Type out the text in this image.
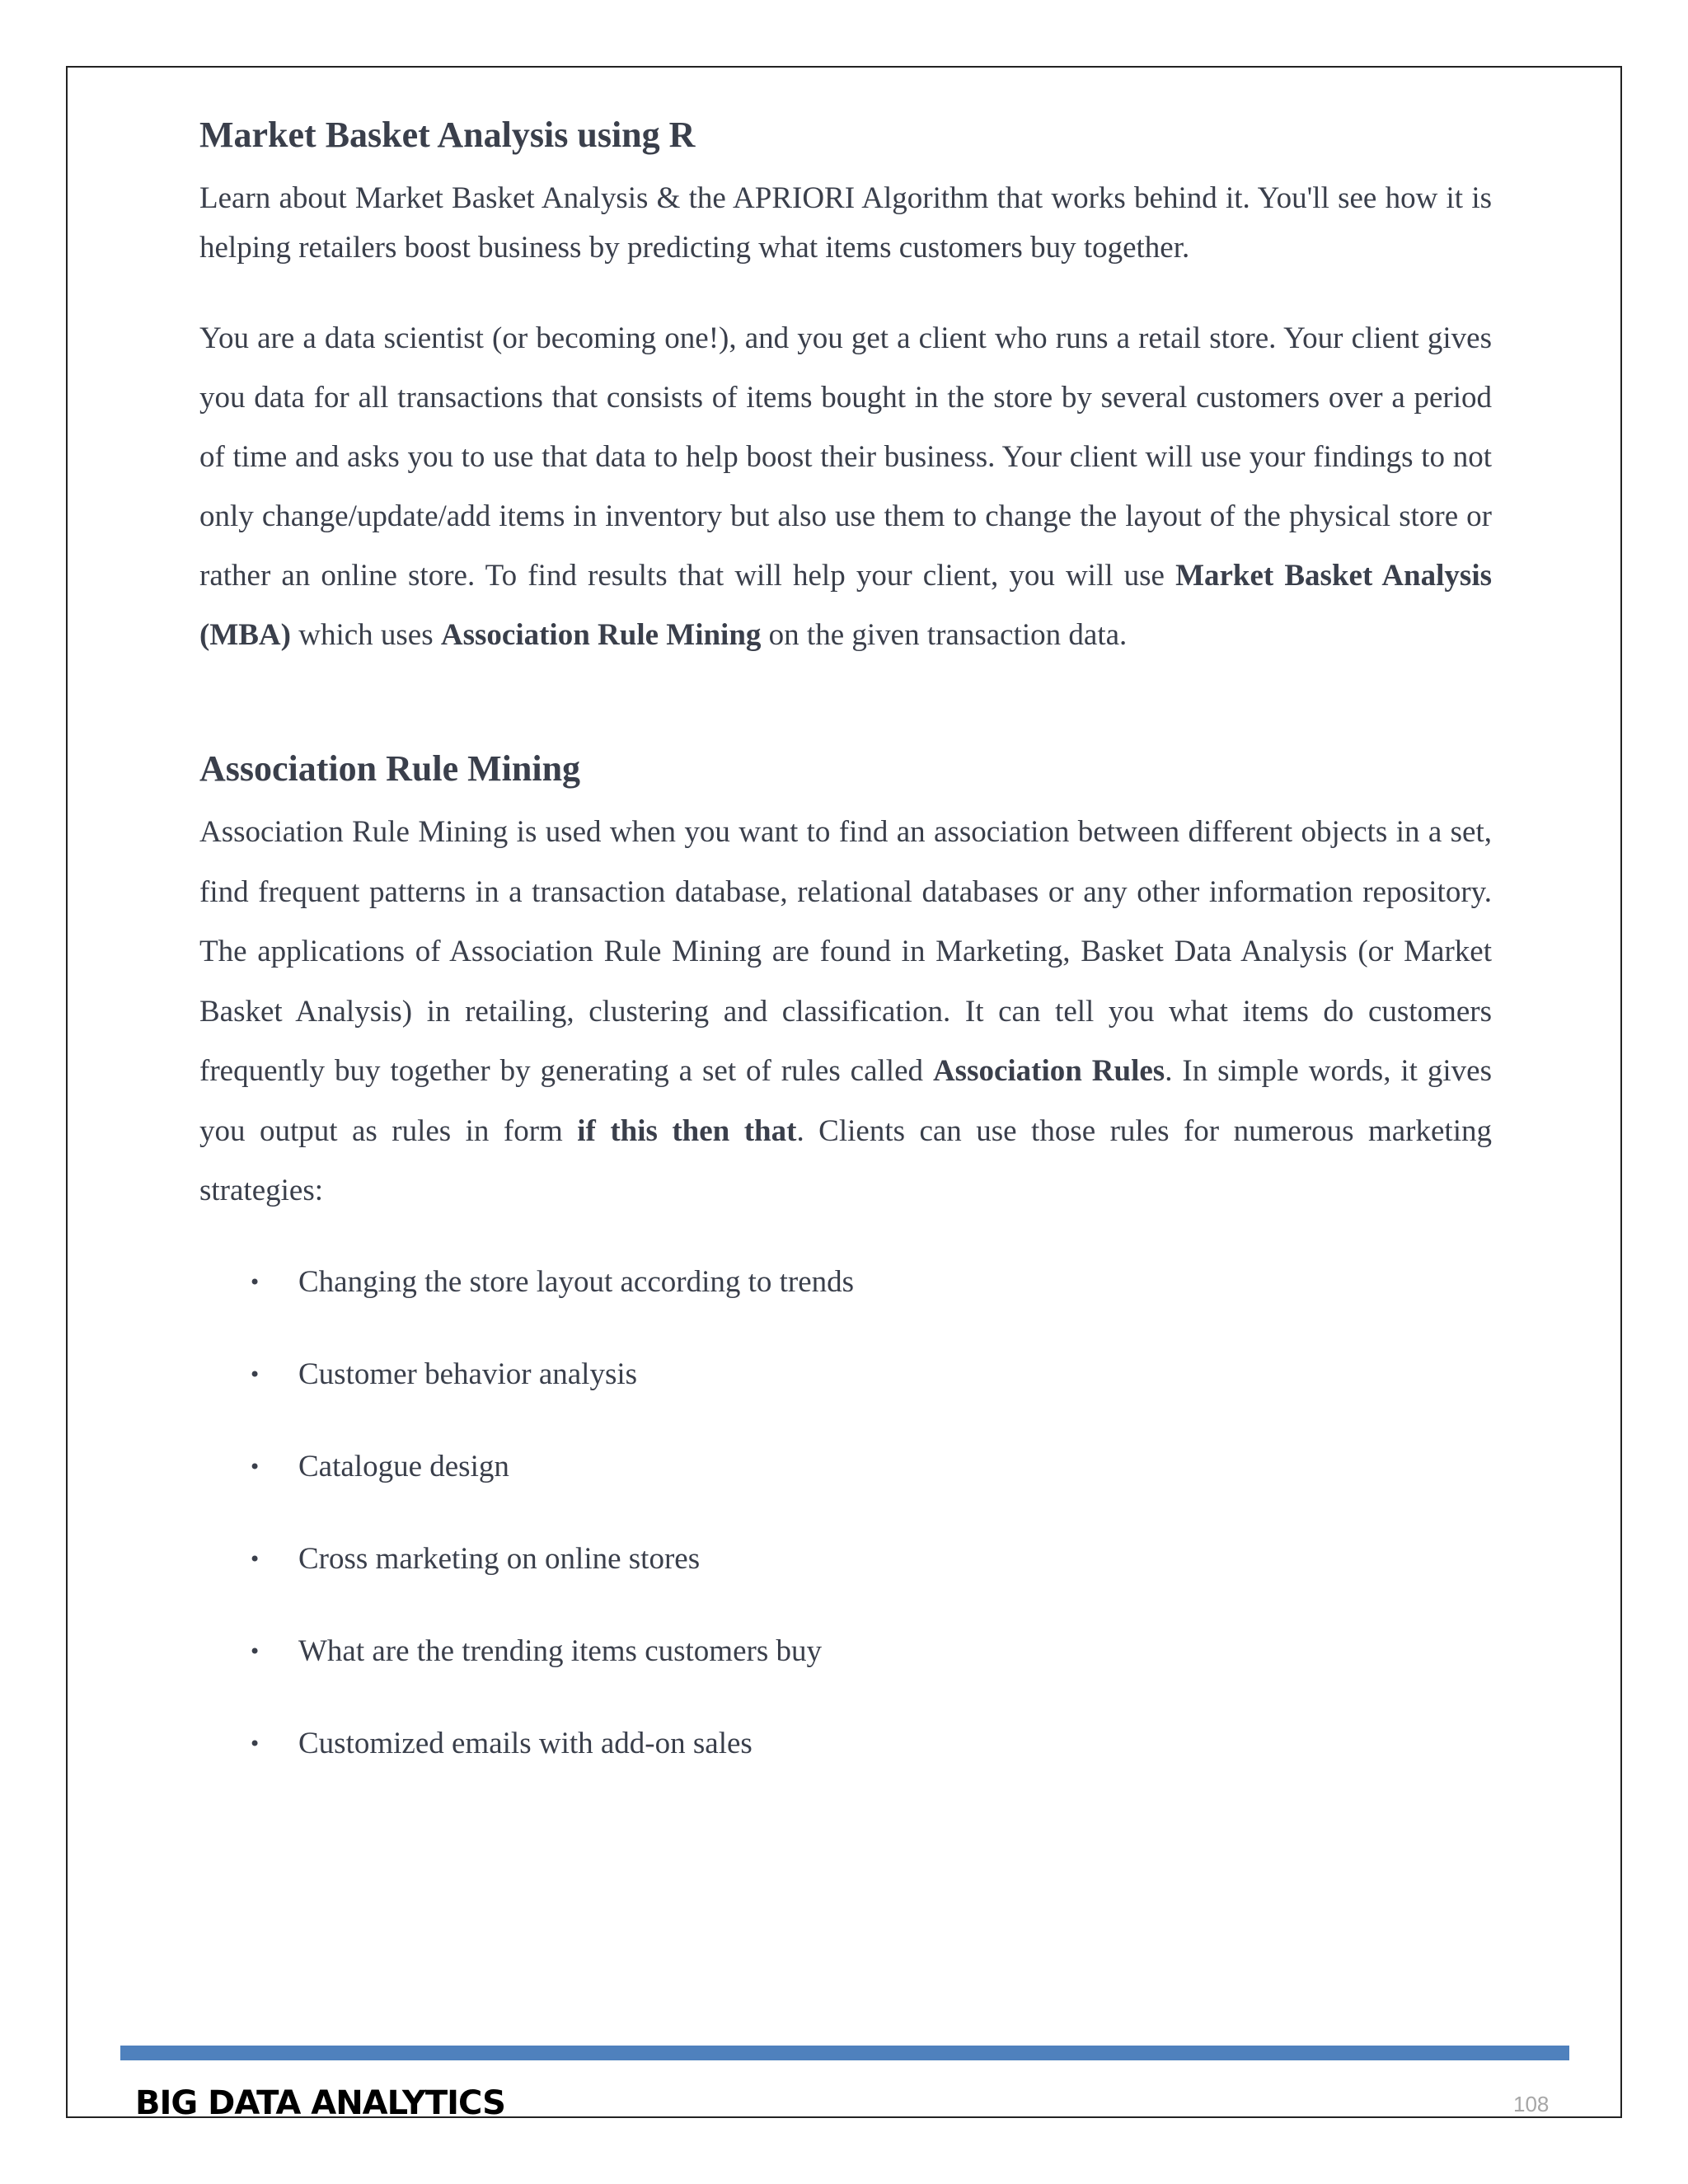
Market Basket Analysis using R

Learn about Market Basket Analysis & the APRIORI Algorithm that works behind it. You'll see how it is helping retailers boost business by predicting what items customers buy together.

You are a data scientist (or becoming one!), and you get a client who runs a retail store. Your client gives you data for all transactions that consists of items bought in the store by several customers over a period of time and asks you to use that data to help boost their business. Your client will use your findings to not only change/update/add items in inventory but also use them to change the layout of the physical store or rather an online store. To find results that will help your client, you will use Market Basket Analysis (MBA) which uses Association Rule Mining on the given transaction data.

Association Rule Mining

Association Rule Mining is used when you want to find an association between different objects in a set, find frequent patterns in a transaction database, relational databases or any other information repository. The applications of Association Rule Mining are found in Marketing, Basket Data Analysis (or Market Basket Analysis) in retailing, clustering and classification. It can tell you what items do customers frequently buy together by generating a set of rules called Association Rules. In simple words, it gives you output as rules in form if this then that. Clients can use those rules for numerous marketing strategies:

• Changing the store layout according to trends
• Customer behavior analysis
• Catalogue design
• Cross marketing on online stores
• What are the trending items customers buy
• Customized emails with add-on sales
BIG DATA ANALYTICS	108
